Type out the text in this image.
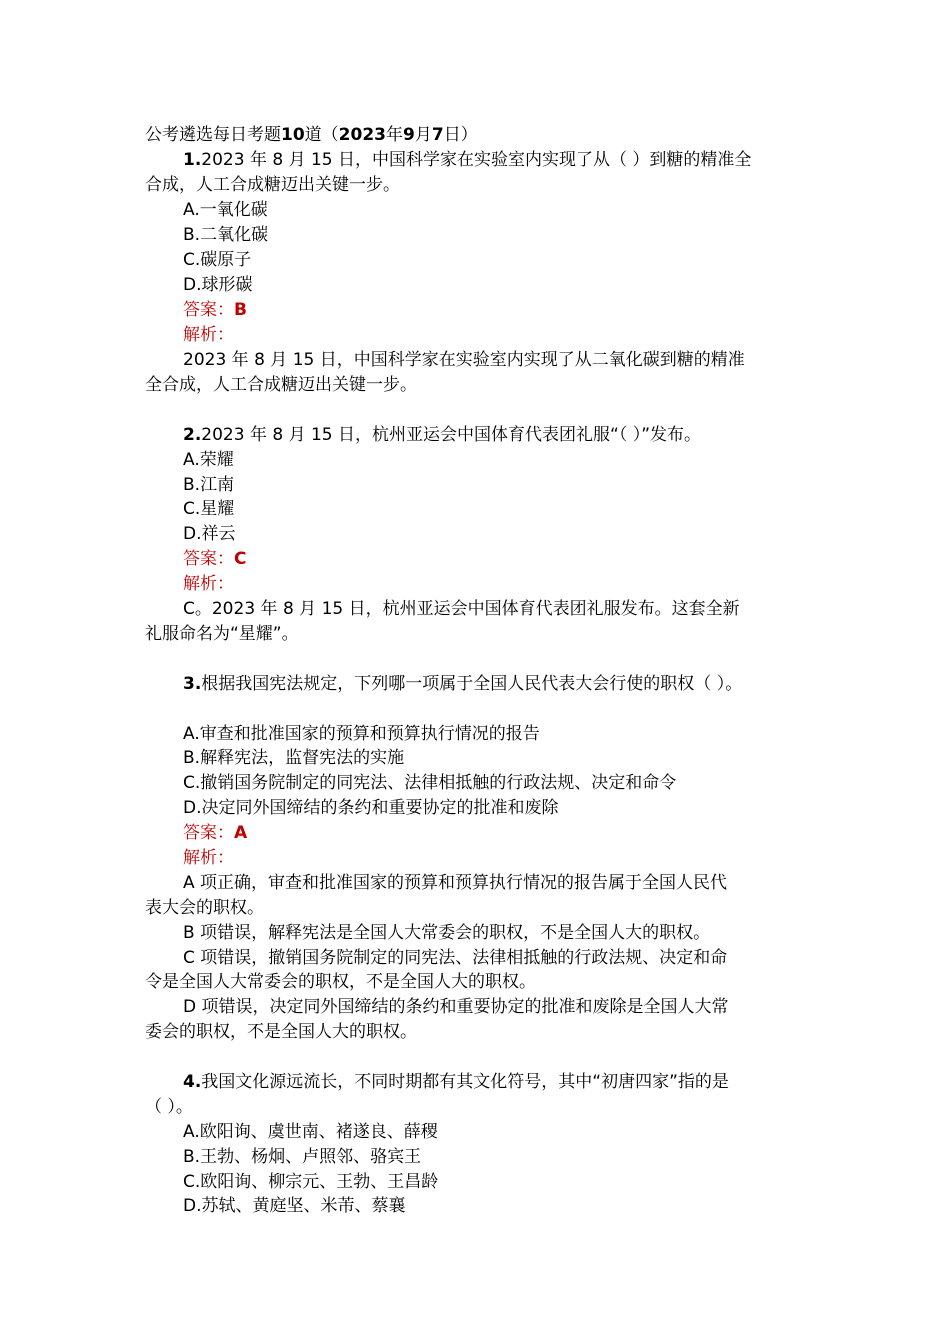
公考遴选每日考题10道（2023年9月7日）
1.2023 年 8 月 15 日，中国科学家在实验室内实现了从（ ）到糖的精准全
合成，人工合成糖迈出关键一步。
A.一氧化碳
B.二氧化碳
C.碳原子
D.球形碳
答案：B
解析：
2023 年 8 月 15 日，中国科学家在实验室内实现了从二氧化碳到糖的精准
全合成，人工合成糖迈出关键一步。
2.2023 年 8 月 15 日，杭州亚运会中国体育代表团礼服“（ ）”发布。
A.荣耀
B.江南
C.星耀
D.祥云
答案：C
解析：
C。2023 年 8 月 15 日，杭州亚运会中国体育代表团礼服发布。这套全新
礼服命名为“星耀”。
3.根据我国宪法规定，下列哪一项属于全国人民代表大会行使的职权（ ）。
A.审查和批准国家的预算和预算执行情况的报告
B.解释宪法，监督宪法的实施
C.撤销国务院制定的同宪法、法律相抵触的行政法规、决定和命令
D.决定同外国缔结的条约和重要协定的批准和废除
答案：A
解析：
A 项正确，审查和批准国家的预算和预算执行情况的报告属于全国人民代
表大会的职权。
B 项错误，解释宪法是全国人大常委会的职权，不是全国人大的职权。
C 项错误，撤销国务院制定的同宪法、法律相抵触的行政法规、决定和命
令是全国人大常委会的职权，不是全国人大的职权。
D 项错误，决定同外国缔结的条约和重要协定的批准和废除是全国人大常
委会的职权，不是全国人大的职权。
4.我国文化源远流长，不同时期都有其文化符号，其中“初唐四家”指的是
（ ）。
A.欧阳询、虞世南、褚遂良、薛稷
B.王勃、杨炯、卢照邻、骆宾王
C.欧阳询、柳宗元、王勃、王昌龄
D.苏轼、黄庭坚、米芾、蔡襄
